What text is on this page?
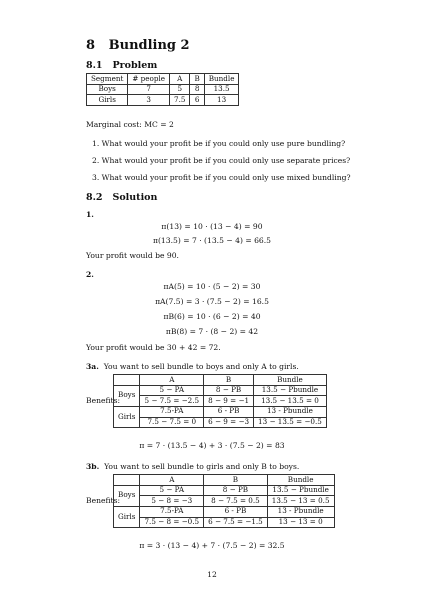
8 Bundling 2
8.1 Problem
Segment	# people	A	B	Bundle
Boys	7	5	8	13.5
Girls	3	7.5	6	13
Marginal cost: MC = 2
1. What would your profit be if you could only use pure bundling?
2. What would your profit be if you could only use separate prices?
3. What would your profit be if you could only use mixed bundling?
8.2 Solution
1.
π(13) = 10 · (13 − 4) = 90
π(13.5) = 7 · (13.5 − 4) = 66.5
Your profit would be 90.
2.
πA(5) = 10 · (5 − 2) = 30
πA(7.5) = 3 · (7.5 − 2) = 16.5
πB(6) = 10 · (6 − 2) = 40
πB(8) = 7 · (8 − 2) = 42
Your profit would be 30 + 42 = 72.
3a. You want to sell bundle to boys and only A to girls.
Benefits:
	A	B	Bundle
Boys	5 − PA	8 − PB	13.5 − Pbundle
	5 − 7.5 = −2.5	8 − 9 = −1	13.5 − 13.5 = 0
Girls	7.5-PA	6 - PB	13 - Pbundle
	7.5 − 7.5 = 0	6 − 9 = −3	13 − 13.5 = −0.5
π = 7 · (13.5 − 4) + 3 · (7.5 − 2) = 83
3b. You want to sell bundle to girls and only B to boys.
Benefits:
	A	B	Bundle
Boys	5 − PA	8 − PB	13.5 − Pbundle
	5 − 8 = −3	8 − 7.5 = 0.5	13.5 − 13 = 0.5
Girls	7.5-PA	6 - PB	13 - Pbundle
	7.5 − 8 = −0.5	6 − 7.5 = −1.5	13 − 13 = 0
π = 3 · (13 − 4) + 7 · (7.5 − 2) = 32.5
12
